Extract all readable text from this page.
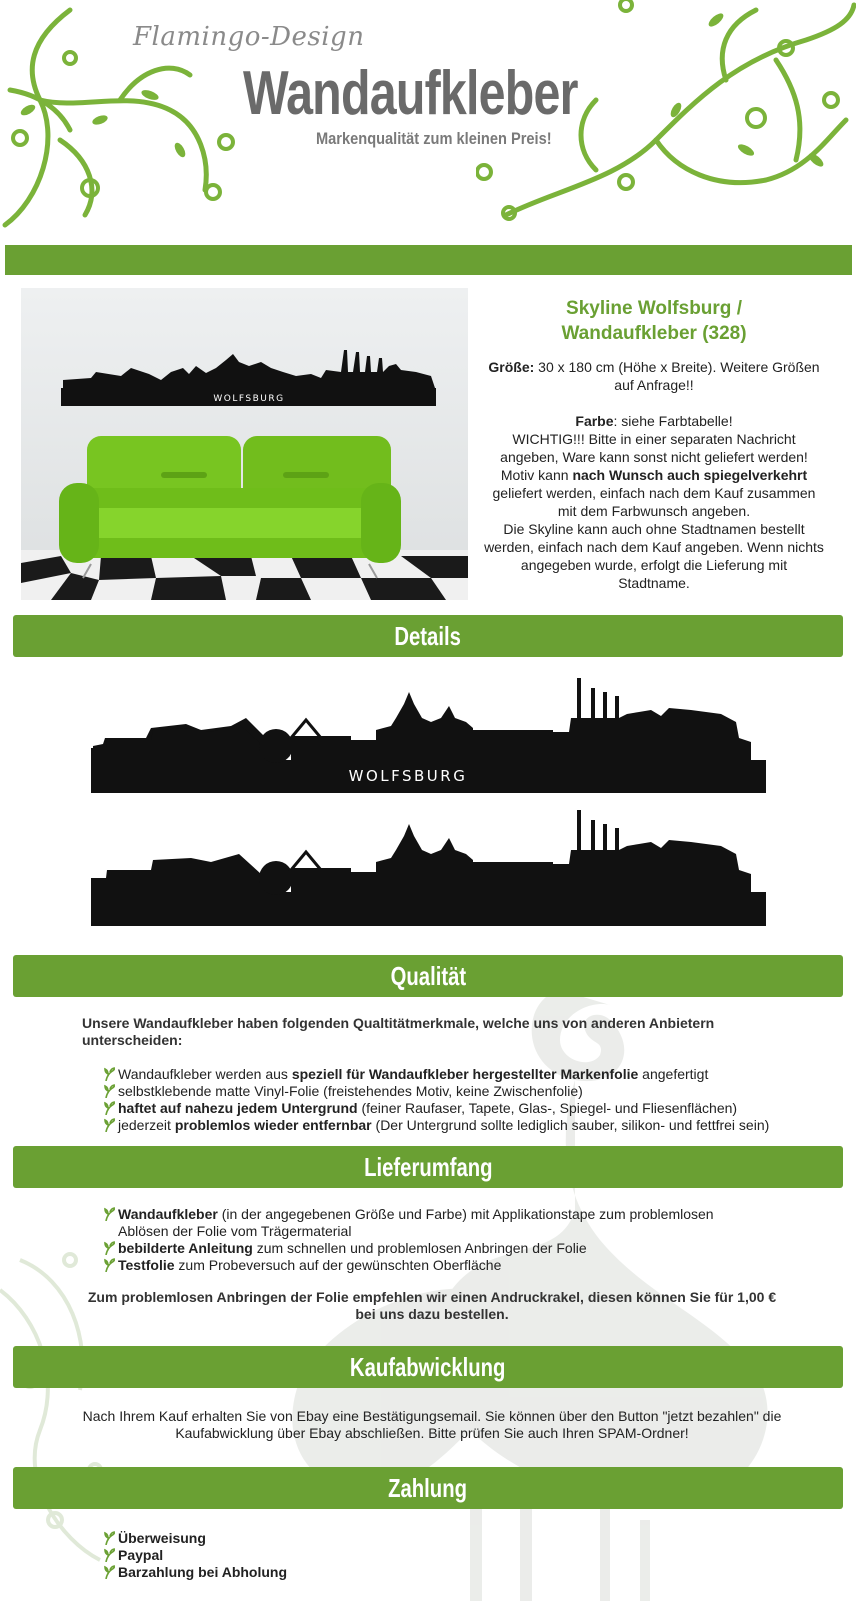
Flamingo-Design
Wandaufkleber
Markenqualität zum kleinen Preis!
WOLFSBURG
Skyline Wolfsburg /
Wandaufkleber (328)

Größe: 30 x 180 cm (Höhe x Breite). Weitere Größen auf Anfrage!!

Farbe: siehe Farbtabelle!

WICHTIG!!! Bitte in einer separaten Nachricht angeben, Ware kann sonst nicht geliefert werden!

Motiv kann nach Wunsch auch spiegelverkehrt geliefert werden, einfach nach dem Kauf zusammen mit dem Farbwunsch angeben.

Die Skyline kann auch ohne Stadtnamen bestellt werden, einfach nach dem Kauf angeben. Wenn nichts angegeben wurde, erfolgt die Lieferung mit Stadtname.

Details
WOLFSBURG
Qualität
Unsere Wandaufkleber haben folgenden Qualtitätmerkmale, welche uns von anderen Anbietern unterscheiden:
Wandaufkleber werden aus speziell für Wandaufkleber hergestellter Markenfolie angefertigt
selbstklebende matte Vinyl-Folie (freistehendes Motiv, keine Zwischenfolie)
haftet auf nahezu jedem Untergrund (feiner Raufaser, Tapete, Glas-, Spiegel- und Fliesenflächen)
jederzeit problemlos wieder entfernbar (Der Untergrund sollte lediglich sauber, silikon- und fettfrei sein)
Lieferumfang
Wandaufkleber (in der angegebenen Größe und Farbe) mit Applikationstape zum problemlosen Ablösen der Folie vom Trägermaterial
bebilderte Anleitung zum schnellen und problemlosen Anbringen der Folie
Testfolie zum Probeversuch auf der gewünschten Oberfläche
Zum problemlosen Anbringen der Folie empfehlen wir einen Andruckrakel, diesen können Sie für 1,00 € bei uns dazu bestellen.
Kaufabwicklung
Nach Ihrem Kauf erhalten Sie von Ebay eine Bestätigungsemail. Sie können über den Button "jetzt bezahlen" die Kaufabwicklung über Ebay abschließen. Bitte prüfen Sie auch Ihren SPAM-Ordner!
Zahlung
Überweisung
Paypal
Barzahlung bei Abholung
